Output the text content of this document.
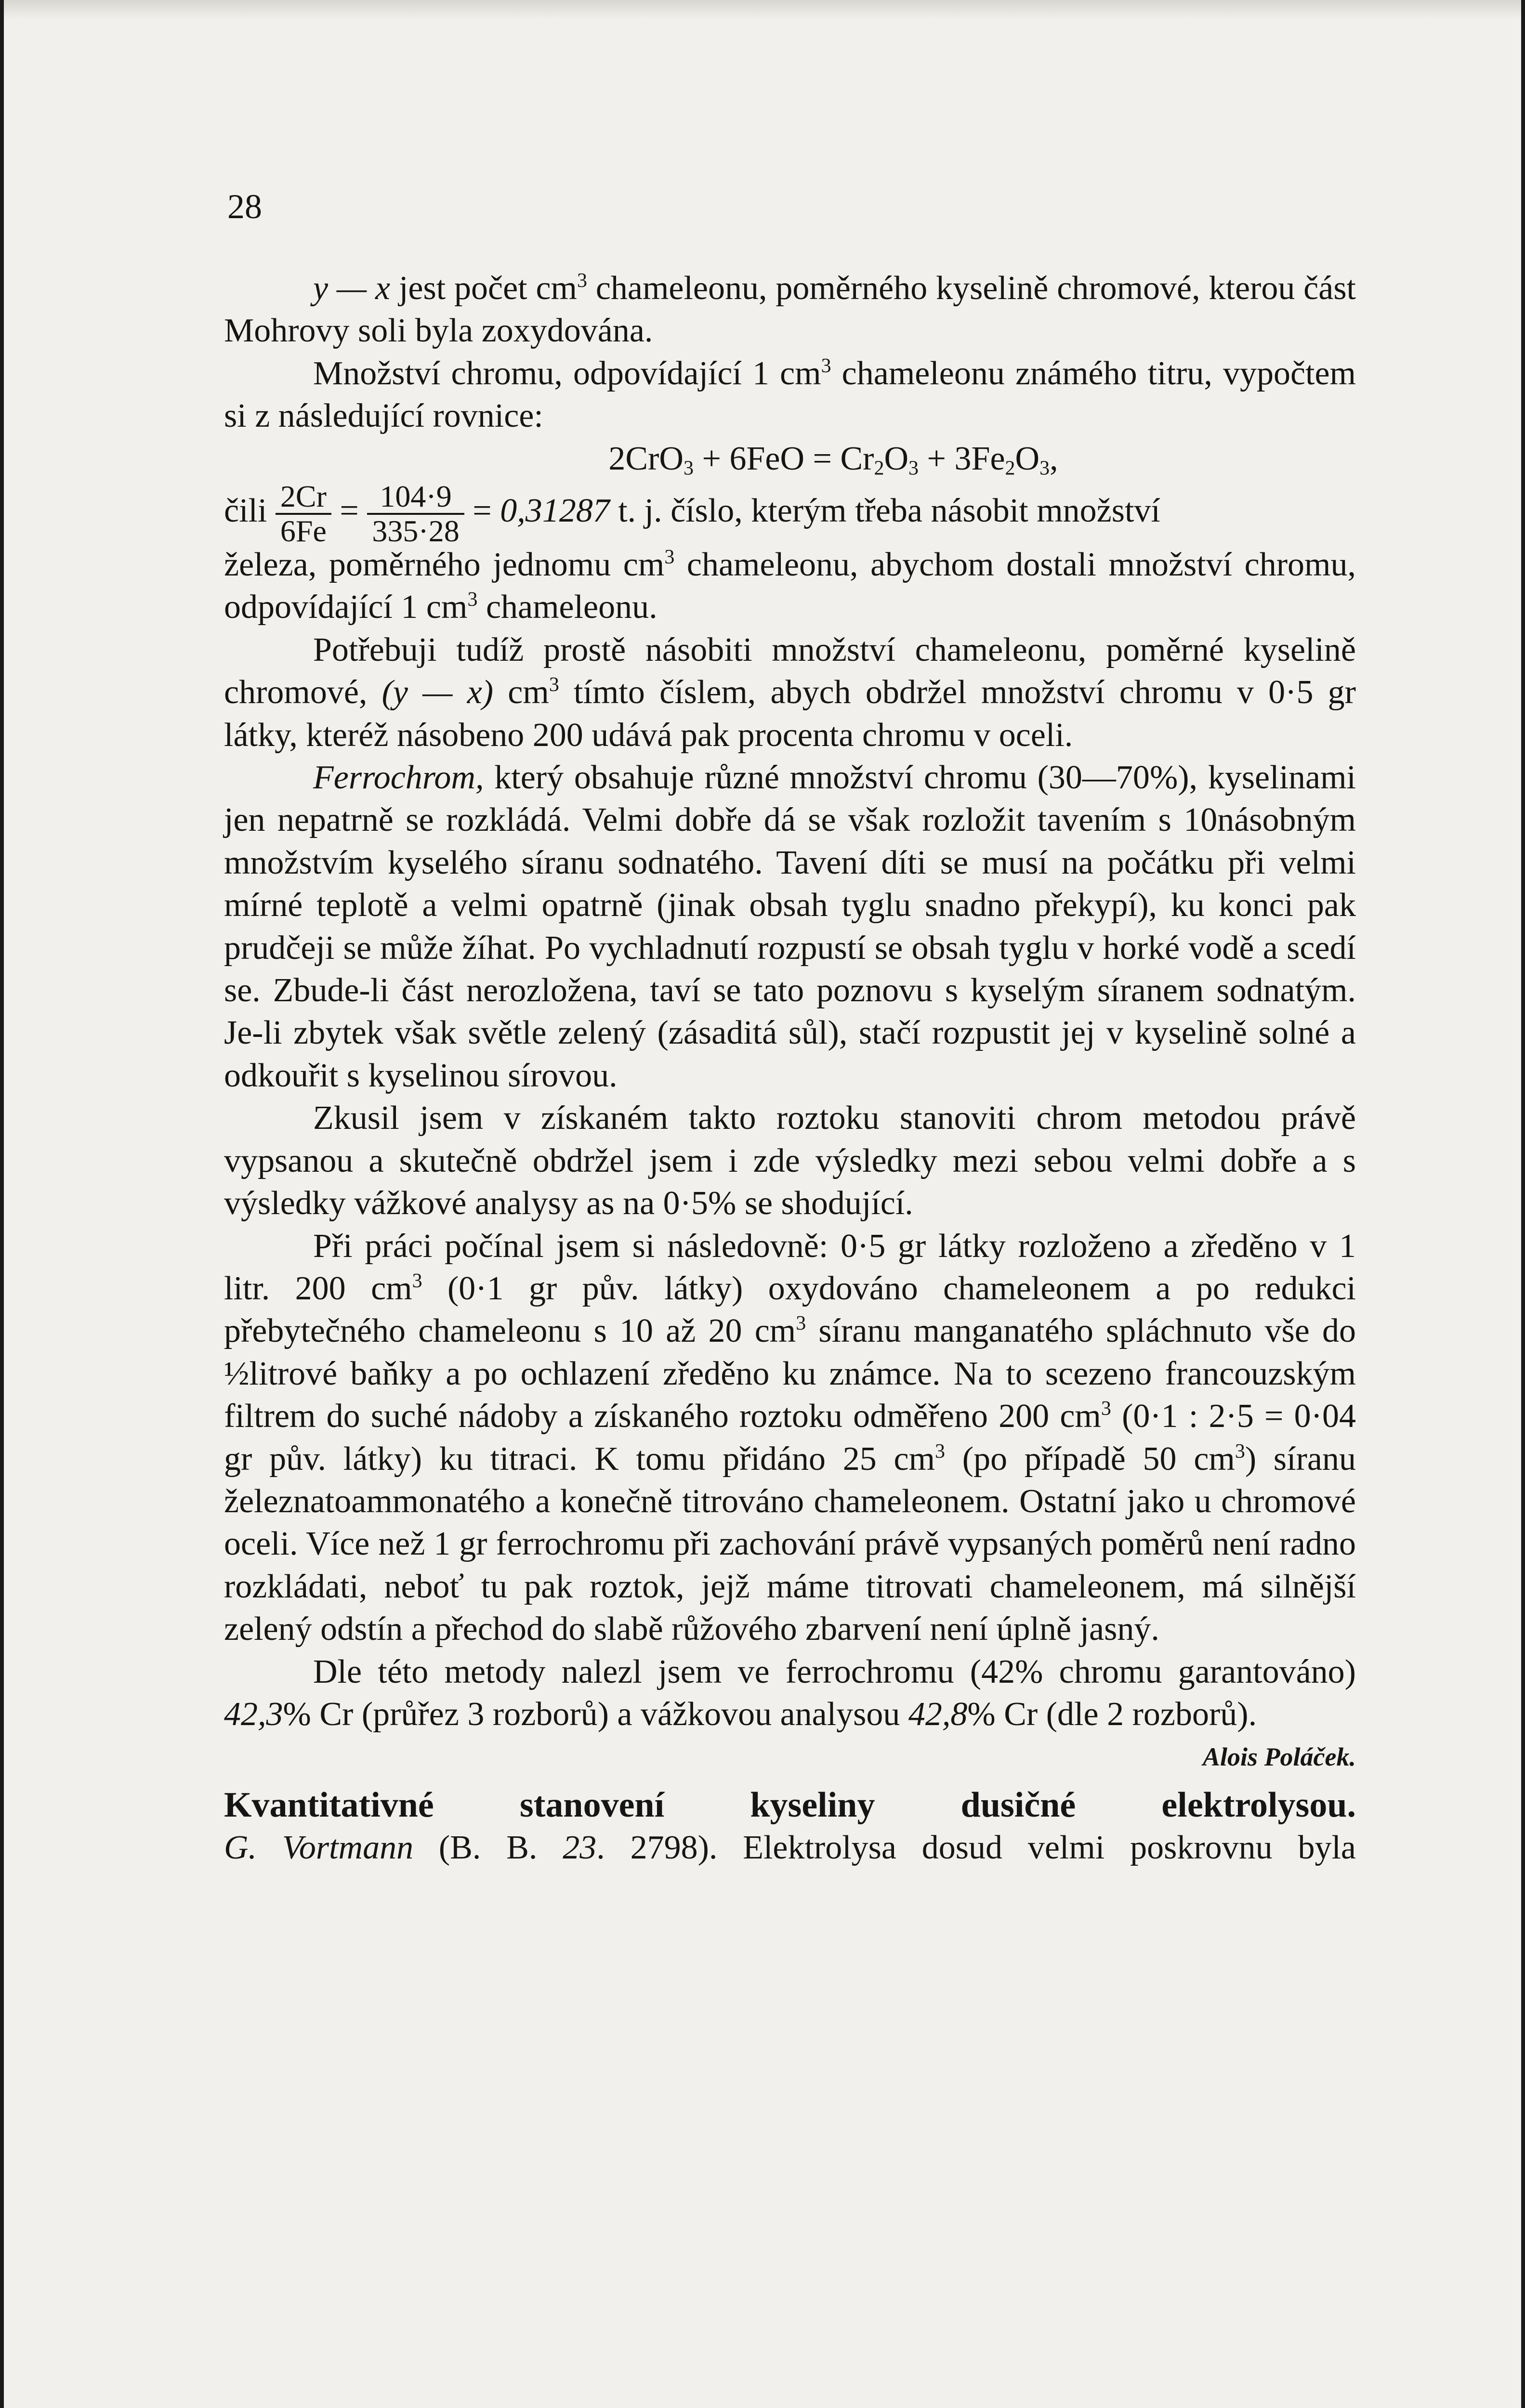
28

y — x jest počet $cm^3$ chameleonu, poměrného kyselině chromové, kterou část Mohrovy soli byla zoxydována.

Množství chromu, odpovídající 1 $cm^3$ chameleonu známého titru, vypočtem si z následující rovnice:

$2CrO_3 + 6FeO = Cr_2O_3 + 3Fe_2O_3$,
čili $\frac{2Cr}{6Fe} = \frac{104\cdot 9}{335\cdot 28} = 0,31287$ t. j. číslo, kterým třeba násobit množství

železa, poměrného jednomu $cm^3$ chameleonu, abychom dostali množství chromu, odpovídající 1 $cm^3$ chameleonu.

Potřebuji tudíž prostě násobiti množství chameleonu, poměrné kyselině chromové, (y — x) $cm^3$ tímto číslem, abych obdržel množství chromu v 0·5 gr látky, kteréž násobeno 200 udává pak procenta chromu v oceli.

Ferrochrom, který obsahuje různé množství chromu (30—70%), kyselinami jen nepatrně se rozkládá. Velmi dobře dá se však rozložit tavením s 10násobným množstvím kyselého síranu sodnatého. Tavení díti se musí na počátku při velmi mírné teplotě a velmi opatrně (jinak obsah tyglu snadno překypí), ku konci pak prudčeji se může žíhat. Po vychladnutí rozpustí se obsah tyglu v horké vodě a scedí se. Zbude-li část nerozložena, taví se tato poznovu s kyselým síranem sodnatým. Je-li zbytek však světle zelený (zásaditá sůl), stačí rozpustit jej v kyselině solné a odkouřit s kyselinou sírovou.

Zkusil jsem v získaném takto roztoku stanoviti chrom metodou právě vypsanou a skutečně obdržel jsem i zde výsledky mezi sebou velmi dobře a s výsledky vážkové analysy as na 0·5% se shodující.

Při práci počínal jsem si následovně: 0·5 gr látky rozloženo a zředěno v 1 litr. 200 $cm^3$ (0·1 gr pův. látky) oxydováno chameleonem a po redukci přebytečného chameleonu s 10 až 20 $cm^3$ síranu manganatého spláchnuto vše do ½litrové baňky a po ochlazení zředěno ku známce. Na to scezeno francouzským filtrem do suché nádoby a získaného roztoku odměřeno 200 $cm^3$ (0·1 : 2·5 = 0·04 gr pův. látky) ku titraci. K tomu přidáno 25 $cm^3$ (po případě 50 $cm^3$) síranu železnatoammonatého a konečně titrováno chameleonem. Ostatní jako u chromové oceli. Více než 1 gr ferrochromu při zachování právě vypsaných poměrů není radno rozkládati, neboť tu pak roztok, jejž máme titrovati chameleonem, má silnější zelený odstín a přechod do slabě růžového zbarvení není úplně jasný.

Dle této metody nalezl jsem ve ferrochromu (42% chromu garantováno) 42,3% Cr (průřez 3 rozborů) a vážkovou analysou 42,8% Cr (dle 2 rozborů).
Alois Poláček.

Kvantitativné stanovení kyseliny dusičné elektrolysou.
G. Vortmann (B. B. 23. 2798). Elektrolysa dosud velmi poskrovnu byla
